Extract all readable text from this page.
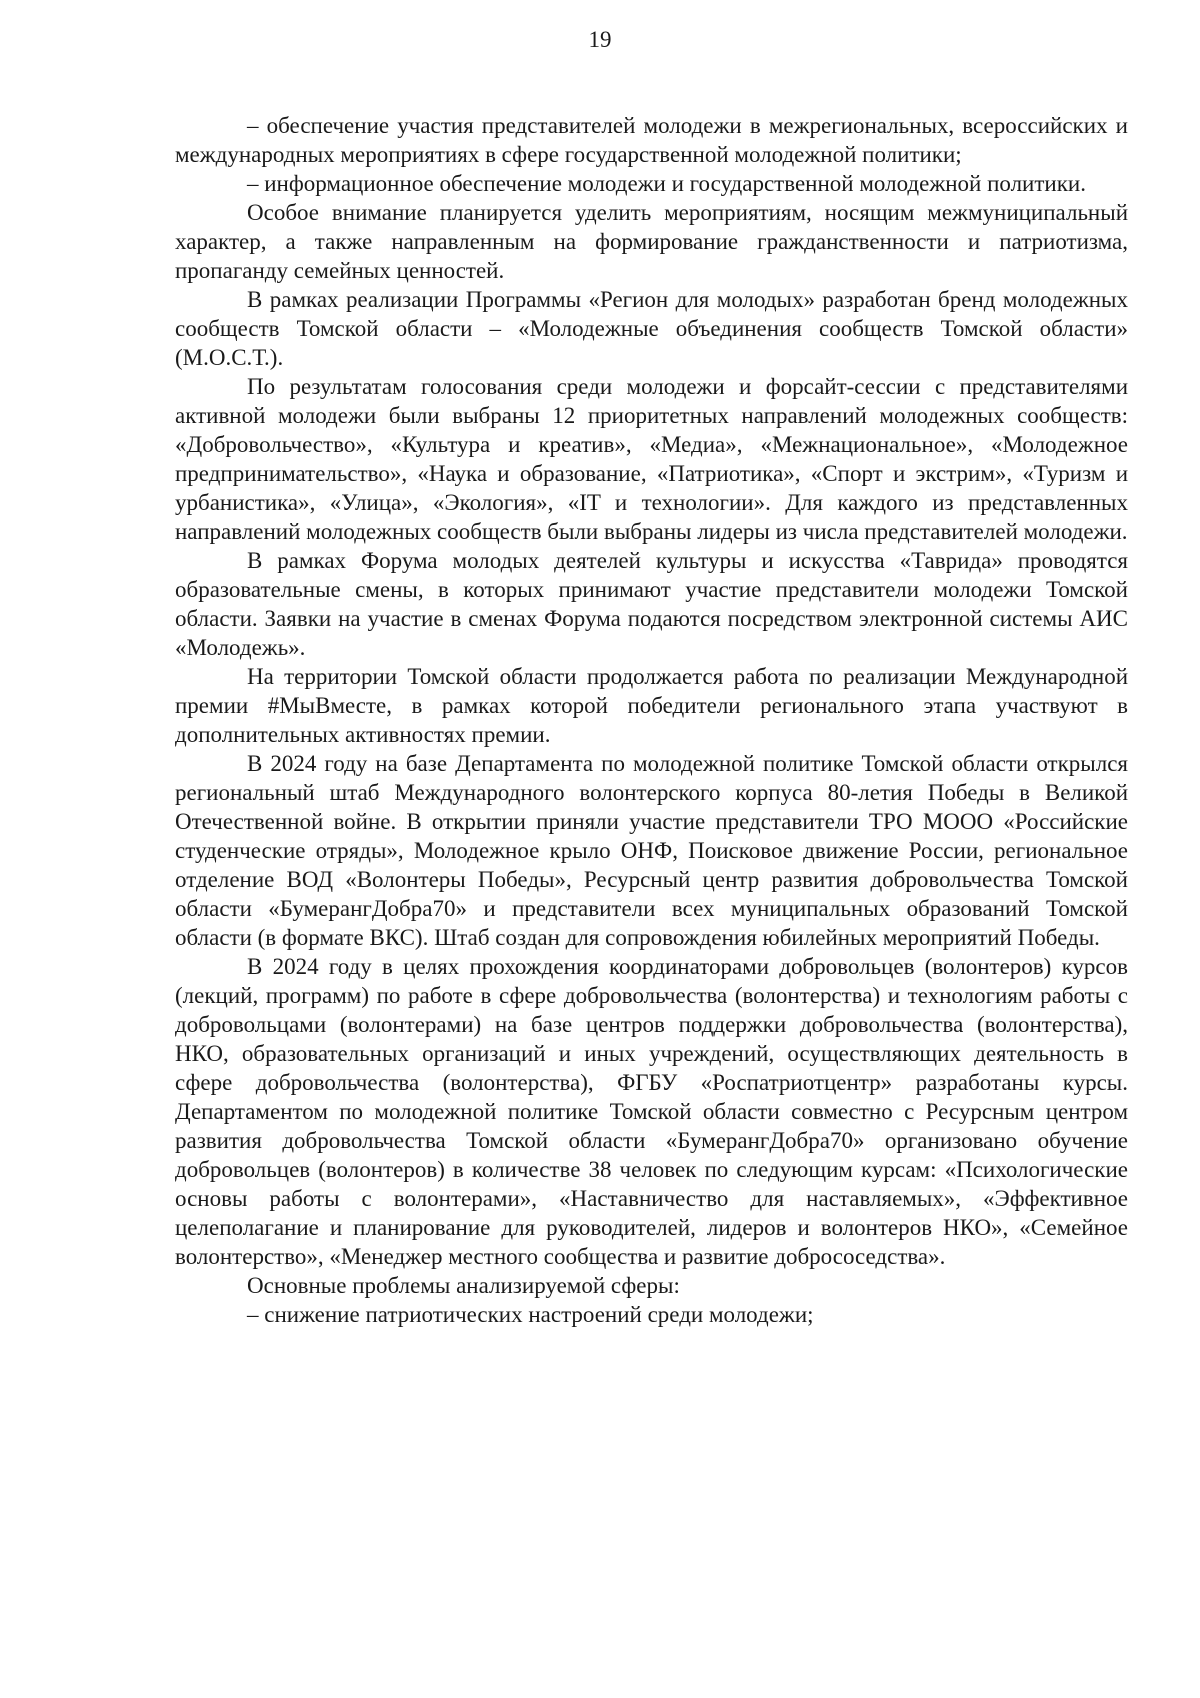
19

– обеспечение участия представителей молодежи в межрегиональных, всероссийских и международных мероприятиях в сфере государственной молодежной политики;

– информационное обеспечение молодежи и государственной молодежной политики.

Особое внимание планируется уделить мероприятиям, носящим межмуниципальный характер, а также направленным на формирование гражданственности и патриотизма, пропаганду семейных ценностей.

В рамках реализации Программы «Регион для молодых» разработан бренд молодежных сообществ Томской области – «Молодежные объединения сообществ Томской области» (М.О.С.Т.).

По результатам голосования среди молодежи и форсайт-сессии с представителями активной молодежи были выбраны 12 приоритетных направлений молодежных сообществ: «Добровольчество», «Культура и креатив», «Медиа», «Межнациональное», «Молодежное предпринимательство», «Наука и образование, «Патриотика», «Спорт и экстрим», «Туризм и урбанистика», «Улица», «Экология», «IT и технологии». Для каждого из представленных направлений молодежных сообществ были выбраны лидеры из числа представителей молодежи.

В рамках Форума молодых деятелей культуры и искусства «Таврида» проводятся образовательные смены, в которых принимают участие представители молодежи Томской области. Заявки на участие в сменах Форума подаются посредством электронной системы АИС «Молодежь».

На территории Томской области продолжается работа по реализации Международной премии #МыВместе, в рамках которой победители регионального этапа участвуют в дополнительных активностях премии.

В 2024 году на базе Департамента по молодежной политике Томской области открылся региональный штаб Международного волонтерского корпуса 80-летия Победы в Великой Отечественной войне. В открытии приняли участие представители ТРО МООО «Российские студенческие отряды», Молодежное крыло ОНФ, Поисковое движение России, региональное отделение ВОД «Волонтеры Победы», Ресурсный центр развития добровольчества Томской области «БумерангДобра70» и представители всех муниципальных образований Томской области (в формате ВКС). Штаб создан для сопровождения юбилейных мероприятий Победы.

В 2024 году в целях прохождения координаторами добровольцев (волонтеров) курсов (лекций, программ) по работе в сфере добровольчества (волонтерства) и технологиям работы с добровольцами (волонтерами) на базе центров поддержки добровольчества (волонтерства), НКО, образовательных организаций и иных учреждений, осуществляющих деятельность в сфере добровольчества (волонтерства), ФГБУ «Роспатриотцентр» разработаны курсы. Департаментом по молодежной политике Томской области совместно с Ресурсным центром развития добровольчества Томской области «БумерангДобра70» организовано обучение добровольцев (волонтеров) в количестве 38 человек по следующим курсам: «Психологические основы работы с волонтерами», «Наставничество для наставляемых», «Эффективное целеполагание и планирование для руководителей, лидеров и волонтеров НКО», «Семейное волонтерство», «Менеджер местного сообщества и развитие добрососедства».

Основные проблемы анализируемой сферы:

– снижение патриотических настроений среди молодежи;
